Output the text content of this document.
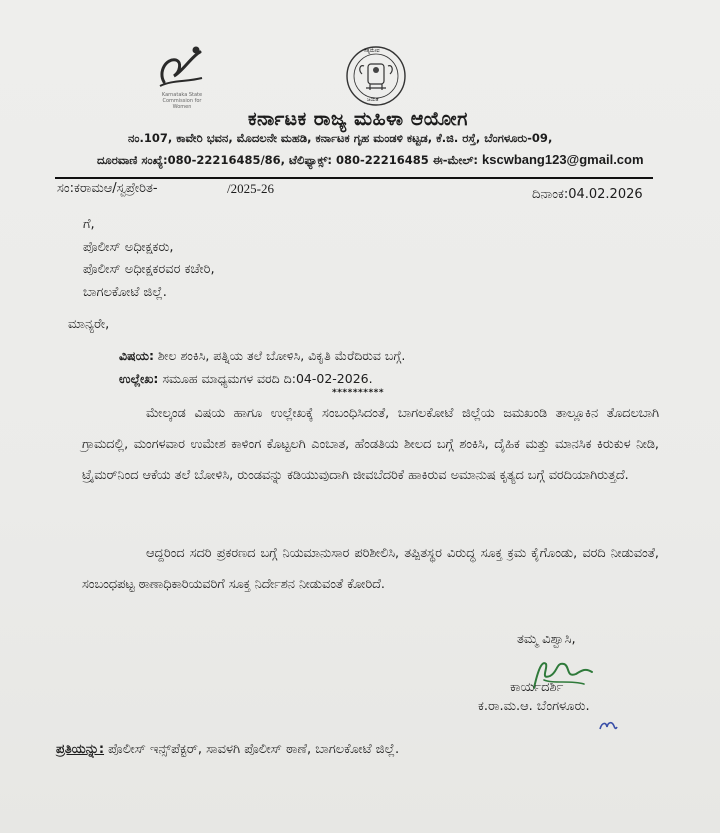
Karnataka State Commission for Women
ಸತ್ಯಮೇವ
ಜಯತೆ
ಕರ್ನಾಟಕ ರಾಜ್ಯ ಮಹಿಳಾ ಆಯೋಗ
ನಂ.107, ಕಾವೇರಿ ಭವನ, ಮೊದಲನೇ ಮಹಡಿ, ಕರ್ನಾಟಕ ಗೃಹ ಮಂಡಳಿ ಕಟ್ಟಡ, ಕೆ.ಜಿ. ರಸ್ತೆ, ಬೆಂಗಳೂರು-09,
ದೂರವಾಣಿ ಸಂಖ್ಯೆ:080-22216485/86, ಟೆಲಿಫ್ಯಾಕ್ಸ್: 080-22216485 ಈ-ಮೇಲ್: kscwbang123@gmail.com
ಸಂ:ಕರಾಮಆ/ಸ್ವಪ್ರೇರಿತ-	/2025-26	ದಿನಾಂಕ:04.02.2026
ಗೆ,
ಪೊಲೀಸ್ ಅಧೀಕ್ಷಕರು,
ಪೊಲೀಸ್ ಅಧೀಕ್ಷಕರವರ ಕಚೇರಿ,
ಬಾಗಲಕೋಟೆ ಜಿಲ್ಲೆ.
ಮಾನ್ಯರೇ,
ವಿಷಯ: ಶೀಲ ಶಂಕಿಸಿ, ಪತ್ನಿಯ ತಲೆ ಬೋಳಿಸಿ, ವಿಕೃತಿ ಮೆರೆದಿರುವ ಬಗ್ಗೆ.
ಉಲ್ಲೇಖ: ಸಮೂಹ ಮಾಧ್ಯಮಗಳ ವರದಿ ದಿ:04-02-2026.
**********
ಮೇಲ್ಕಂಡ ವಿಷಯ ಹಾಗೂ ಉಲ್ಲೇಖಕ್ಕೆ ಸಂಬಂಧಿಸಿದಂತೆ, ಬಾಗಲಕೋಟೆ ಜಿಲ್ಲೆಯ ಜಮಖಂಡಿ ತಾಲ್ಲೂಕಿನ ತೊದಲಬಾಗಿ ಗ್ರಾಮದಲ್ಲಿ, ಮಂಗಳವಾರ ಉಮೇಶ ಕಾಳಿಂಗ ಕೊಟ್ಟಲಗಿ ಎಂಬಾತ, ಹೆಂಡತಿಯ ಶೀಲದ ಬಗ್ಗೆ ಶಂಕಿಸಿ, ದೈಹಿಕ ಮತ್ತು ಮಾನಸಿಕ ಕಿರುಕುಳ ನೀಡಿ, ಟ್ರೈಮರ್‌ನಿಂದ ಆಕೆಯ ತಲೆ ಬೋಳಿಸಿ, ರುಂಡವನ್ನು ಕಡಿಯುವುದಾಗಿ ಜೀವಬೆದರಿಕೆ ಹಾಕಿರುವ ಅಮಾನುಷ ಕೃತ್ಯದ ಬಗ್ಗೆ ವರದಿಯಾಗಿರುತ್ತದೆ.
ಆದ್ದರಿಂದ ಸದರಿ ಪ್ರಕರಣದ ಬಗ್ಗೆ ನಿಯಮಾನುಸಾರ ಪರಿಶೀಲಿಸಿ, ತಪ್ಪಿತಸ್ಥರ ವಿರುದ್ಧ ಸೂಕ್ತ ಕ್ರಮ ಕೈಗೊಂಡು, ವರದಿ ನೀಡುವಂತೆ, ಸಂಬಂಧಪಟ್ಟ ಠಾಣಾಧಿಕಾರಿಯವರಿಗೆ ಸೂಕ್ತ ನಿರ್ದೇಶನ ನೀಡುವಂತೆ ಕೋರಿದೆ.
ತಮ್ಮ ವಿಶ್ವಾಸಿ,
ಕಾರ್ಯದರ್ಶಿ
ಕ.ರಾ.ಮ.ಆ. ಬೆಂಗಳೂರು.
ಪ್ರತಿಯನ್ನು: ಪೊಲೀಸ್ ಇನ್ಸ್‌ಪೆಕ್ಟರ್, ಸಾವಳಗಿ ಪೊಲೀಸ್ ಠಾಣೆ, ಬಾಗಲಕೋಟೆ ಜಿಲ್ಲೆ.
